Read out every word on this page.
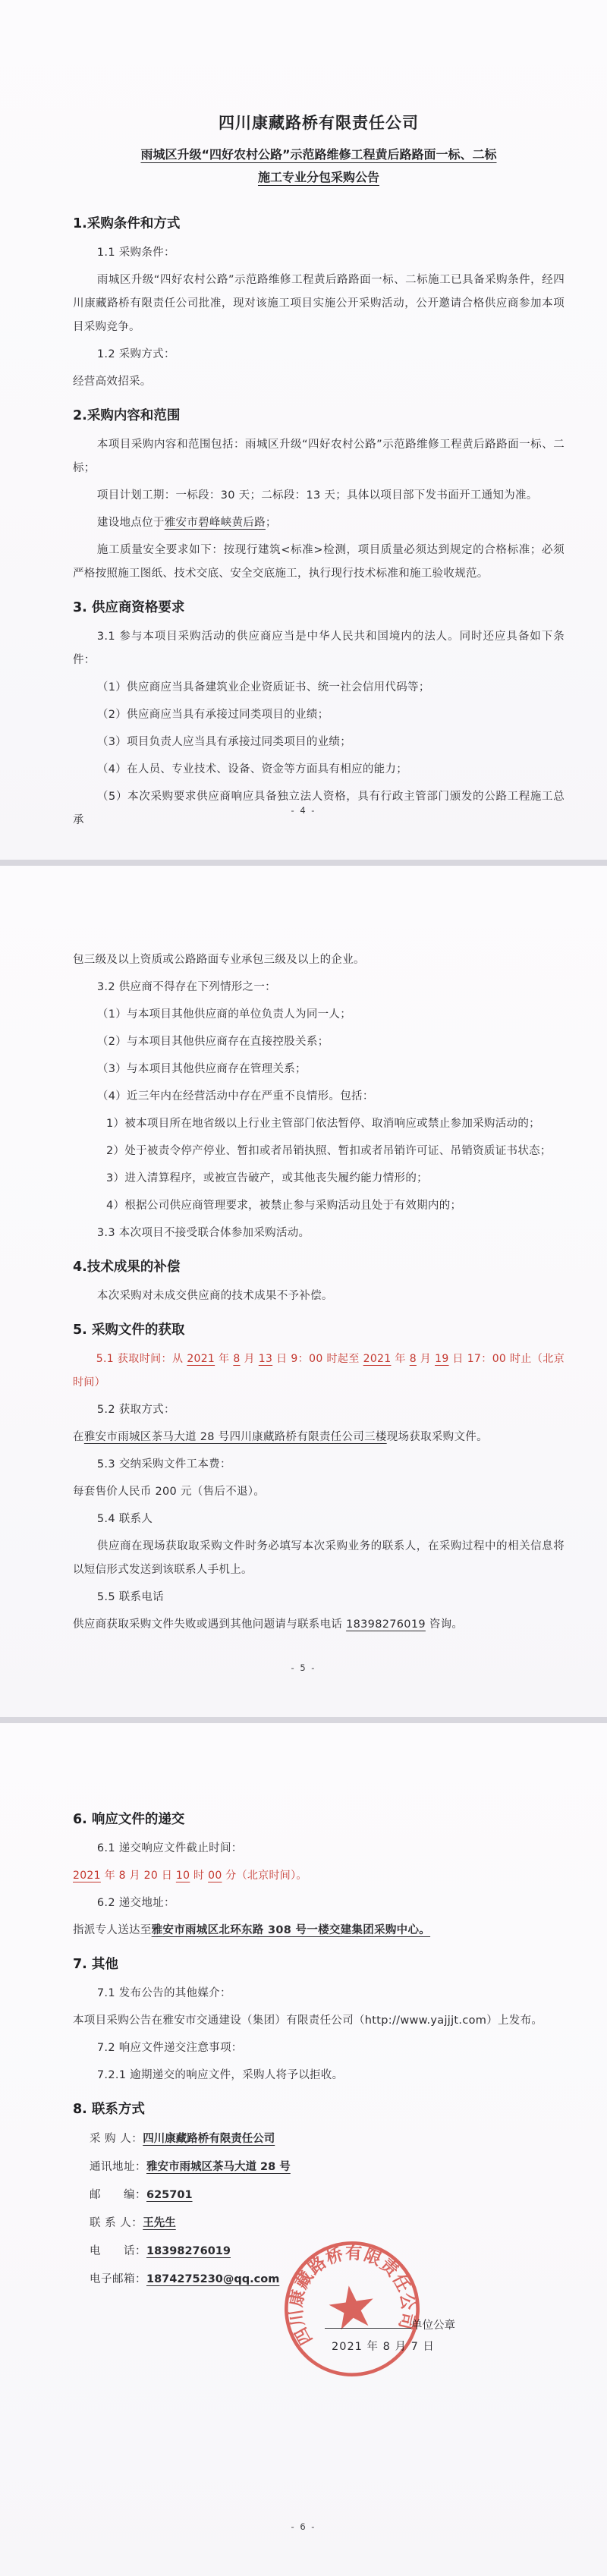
四川康藏路桥有限责任公司
雨城区升级“四好农村公路”示范路维修工程黄后路路面一标、二标
施工专业分包采购公告
1.采购条件和方式

1.1 采购条件：

雨城区升级“四好农村公路”示范路维修工程黄后路路面一标、二标施工已具备采购条件，经四川康藏路桥有限责任公司批准，现对该施工项目实施公开采购活动，公开邀请合格供应商参加本项目采购竞争。

1.2 采购方式：

经营高效招采。

2.采购内容和范围

本项目采购内容和范围包括：雨城区升级“四好农村公路”示范路维修工程黄后路路面一标、二标；

项目计划工期：一标段：30 天；二标段：13 天；具体以项目部下发书面开工通知为准。

建设地点位于雅安市碧峰峡黄后路；

施工质量安全要求如下：按现行建筑<标准>检测，项目质量必须达到规定的合格标准；必须严格按照施工图纸、技术交底、安全交底施工，执行现行技术标准和施工验收规范。

3. 供应商资格要求

3.1 参与本项目采购活动的供应商应当是中华人民共和国境内的法人。同时还应具备如下条件：

（1）供应商应当具备建筑业企业资质证书、统一社会信用代码等；

（2）供应商应当具有承接过同类项目的业绩；

（3）项目负责人应当具有承接过同类项目的业绩；

（4）在人员、专业技术、设备、资金等方面具有相应的能力；

（5）本次采购要求供应商响应具备独立法人资格，具有行政主管部门颁发的公路工程施工总承

- 4 -

包三级及以上资质或公路路面专业承包三级及以上的企业。

3.2 供应商不得存在下列情形之一：

（1）与本项目其他供应商的单位负责人为同一人；

（2）与本项目其他供应商存在直接控股关系；

（3）与本项目其他供应商存在管理关系；

（4）近三年内在经营活动中存在严重不良情形。包括：

1）被本项目所在地省级以上行业主管部门依法暂停、取消响应或禁止参加采购活动的；

2）处于被责令停产停业、暂扣或者吊销执照、暂扣或者吊销许可证、吊销资质证书状态；

3）进入清算程序，或被宣告破产，或其他丧失履约能力情形的；

4）根据公司供应商管理要求，被禁止参与采购活动且处于有效期内的；

3.3 本次项目不接受联合体参加采购活动。

4.技术成果的补偿

本次采购对未成交供应商的技术成果不予补偿。

5. 采购文件的获取

5.1 获取时间：从 2021 年 8 月 13 日 9：00 时起至 2021 年 8 月 19 日 17：00 时止（北京时间）

5.2 获取方式：

在雅安市雨城区茶马大道 28 号四川康藏路桥有限责任公司三楼现场获取采购文件。

5.3 交纳采购文件工本费：

每套售价人民币 200 元（售后不退）。

5.4 联系人

供应商在现场获取取采购文件时务必填写本次采购业务的联系人，在采购过程中的相关信息将以短信形式发送到该联系人手机上。

5.5 联系电话

供应商获取采购文件失败或遇到其他问题请与联系电话 18398276019 咨询。

- 5 -
6. 响应文件的递交

6.1 递交响应文件截止时间：

2021 年 8 月 20 日 10 时 00 分（北京时间）。

6.2 递交地址：

指派专人送达至雅安市雨城区北环东路 308 号一楼交建集团采购中心。

7. 其他

7.1 发布公告的其他媒介：

本项目采购公告在雅安市交通建设（集团）有限责任公司（http://www.yajjjt.com）上发布。

7.2 响应文件递交注意事项：

7.2.1 逾期递交的响应文件，采购人将予以拒收。

8. 联系方式
采 购 人： 四川康藏路桥有限责任公司
通讯地址： 雅安市雨城区茶马大道 28 号
邮　　编： 625701
联 系 人： 王先生
电　　话： 18398276019
电子邮箱： 1874275230@qq.com
单位公章
2021 年 8 月 7 日
四川康藏路桥有限责任公司
- 6 -
